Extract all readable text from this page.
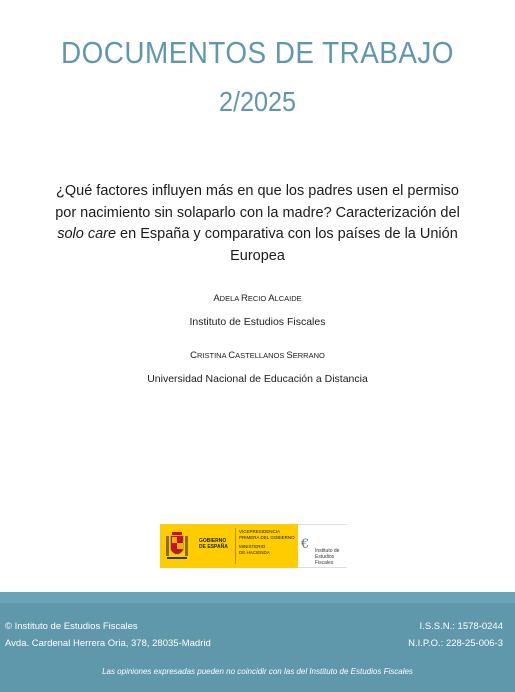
DOCUMENTOS DE TRABAJO
2/2025
¿Qué factores influyen más en que los padres usen el permiso
por nacimiento sin solaparlo con la madre? Caracterización del
solo care en España y comparativa con los países de la Unión
Europea
ADELA RECIO ALCAIDE
Instituto de Estudios Fiscales
CRISTINA CASTELLANOS SERRANO
Universidad Nacional de Educación a Distancia
GOBIERNO
DE ESPAÑA
VICEPRESIDENCIA
PRIMERA DEL GOBIERNO
MINISTERIO
DE HACIENDA	€ Instituto de
Estudios Fiscales
© Instituto de Estudios Fiscales
Avda. Cardenal Herrera Oria, 378, 28035-Madrid
I.S.S.N.: 1578-0244
N.I.P.O.: 228-25-006-3
Las opiniones expresadas pueden no coincidir con las del Instituto de Estudios Fiscales
